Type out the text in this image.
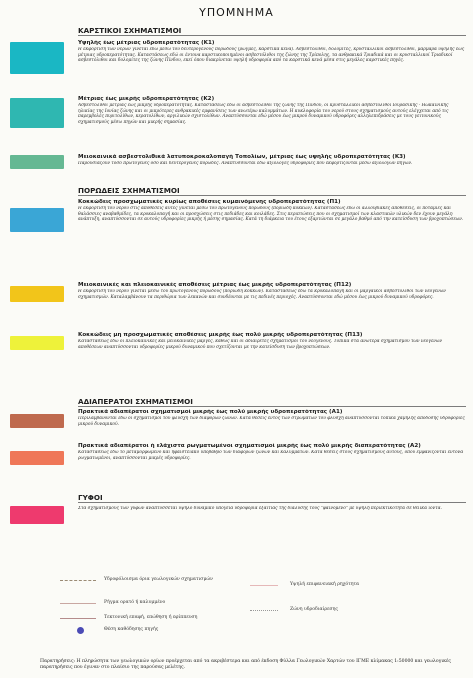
ΥΠΟΜΝΗΜΑ
ΚΑΡΣΤΙΚΟΙ ΣΧΗΜΑΤΙΣΜΟΙ
Υψηλής έως μέτριας υδροπερατότητας (Κ1)
Η εκφόρτιση των νερών γίνεται εδώ μέσω του δευτερογενούς πορώδους (ρωγμές, καρστικά κενά). Ασβεστόλιθοι, δολομίτες, κρυσταλλικοί ασβεστόλιθοι, μάρμαρα υψηλής έως μέτριας υδροπερατότητας. Καταστάσεως εδώ οι έντονα καρστικοποιημένοι ασβεστόλιθοι της ζώνης της Τρίπολης, τα ανθρακικά Τριαδικά και οι κρυσταλλικοί Τριαδικοί ασβεστόλιθοι και δολομίτες της ζώνης Πίνδου, εκεί όπου διακρίνεται υψηλή υδροφορία από τα καρστικά κενά μέσα στις μεγάλες καρστικές πηγές.
Μέτριας έως μικρής υδροπερατότητας (Κ2)
Ασβεστόλιθοι μέτριας έως μικρής υδροπερατότητας. Καταστάσεως εδώ οι ασβεστόλιθοι της ζώνης της Πίνδου, οι κρυσταλλικοί ασβεστόλιθοι Ιουρασικής - Ηωκαινικής ηλικίας της Ιονίας ζώνης και οι μικρότερες ανθρακικές εμφανίσεις των ανωτέρω καλυμμάτων. Η κυκλοφορία του νερού στους σχηματισμούς αυτούς ελέγχεται από τις παρεμβολές πυριτολίθων, κερατολίθων, αργιλικών σχιστολίθων. Αναπτύσσονται εδώ μέσου έως μικρού δυναμικού υδροφόρες αλληλεπιδράσεις με τους γειτονικούς σχηματισμούς μέσω πηγών και μικρής σημασίας.
Μειοκαινικά ασβεστολιθικά λατυποκροκαλοπαγή Τοπολίων, μέτριας έως υψηλής υδροπερατότητας (Κ3)
Παρουσιάζουν τόσο πρωτογενές όσο και δευτερογενές πορώδες. Αναπτύσσονται εδώ αξιόλογες υδροφορίες που εκφορτίζονται μέσω αξιόλογων πηγών.
ΠΟΡΩΔΕΙΣ ΣΧΗΜΑΤΙΣΜΟΙ
Κοκκώδεις προσχωματικές κυρίως αποθέσεις κυμαινόμενης υδροπερατότητας (Π1)
Η εκφόρτιση του νερού στις αποθέσεις αυτές γίνεται μέσω του πρωτογενούς πορώδους (ποριώδη κόκκων). Καταστάσεως εδώ οι αλλουβιακές αποθέσεις, οι ποτάμιες και θαλάσσιες αναβαθμίδες, τα κροκαλοπαγή και οι προσχώσεις στις πεδιάδες και κοιλάδες. Στις περιπτώσεις που οι σχηματισμοί των κλαστικών υλικών δεν έχουν μεγάλη ανάπτυξη, αναπτύσσονται σε αυτούς υδροφορίες μικρής ή μέσης σημασίας. Κατά τη διάρκεια του έτους εξαρτώνται σε μεγάλο βαθμό από την κατείσδυση των βροχοπτώσεων.
Μειοκαινικές και πλειοκαινικές αποθέσεις μέτριας έως μικρής υδροπερατότητας (Π12)
Η εκφόρτιση του νερού γίνεται μέσω του πρωτογενούς πορώδους (ποριώδη κόκκων). Καταστάσεως εδώ τα κροκαλοπαγή και οι μαργαϊκοί ασβεστόλιθοι των νεογενών σχηματισμών. Καταλαμβάνουν τα περιθώρια των λεκανών και συνδέονται με τις πεδινές περιοχές. Αναπτύσσονται εδώ μέσου έως μικρού δυναμικού υδροφόρες.
Κοκκώδεις μη προσχωματικές αποθέσεις μικρής έως πολύ μικρής υδροπερατότητας (Π13)
Καταστάσεως εδώ οι πλειοκαινικές και μειοκαινικές μάργες, καθώς και οι αδιαίρετες σχηματισμοί του νεογενούς. Τοπικά στα ανώτερα σχηματισμού των νεογενών αποθέσεων αναπτύσσονται υδροφορίες μικρού δυναμικού που σχετίζονται με την κατείσδυση των βροχοπτώσεων.
ΑΔΙΑΠΕΡΑΤΟΙ ΣΧΗΜΑΤΙΣΜΟΙ
Πρακτικά αδιαπέρατοι σχηματισμοί μικρής έως πολύ μικρής υδροπερατότητας (Α1)
Περιλαμβάνονται εδώ οι σχηματισμοί του φλύσχη των διαφόρων ζωνών. Κατά θέσεις εντός των στρωμάτων του φλύσχη αναπτύσσονται τοπικά χαμηλής απόδοσης υδροφορίες μικρού δυναμικού.
Πρακτικά αδιαπέρατοι ή ελάχιστα ρωγματωμένοι σχηματισμοί μικρής έως πολύ μικρής διαπερατότητας (Α2)
Καταστάσεως εδώ το μεταμορφωμένο και ηφαιστειακό υπόβαθρο των διαφόρων ζωνών και καλυμμάτων. Κατά θέσεις στους σχηματισμούς αυτούς, όπου εμφανίζονται έντονα ρωγματωμένοι, αναπτύσσονται μικρές υδροφορίες.
ΓΥΦΟΙ
Στα σχηματισμούς των γύφων αναπτύσσεται υψηλό δυναμικό υπόγεια υδροφορία εξαιτίας της διάλυσης τους "φαινόμενο" με υψηλή περιεκτικότητα σε θειικά ιόντα.
Υδροφόλοισμα όρια γεωλογικών σχηματισμών
Ρήγμα ορατό ή καλυμμένο
Τεκτονική επαφή, επώθηση ή εφίππευση
Θέση καθόδησης πηγής
Υψηλή επιφανειακή ρηχότητα
Ζώνη υδροδιαίρεσης
Παρατηρήσεις: Η πληρώσητα των γεωλογικών ορίων προέρχεται από τα ακριβέστερα και από έκδοση Φύλλα Γεωλογικών Χαρτών του ΙΓΜΕ κλίμακας 1:50000 και γεωλογικές παρατηρήσεις που έγιναν στο πλαίσιο της παρούσας μελέτης.
